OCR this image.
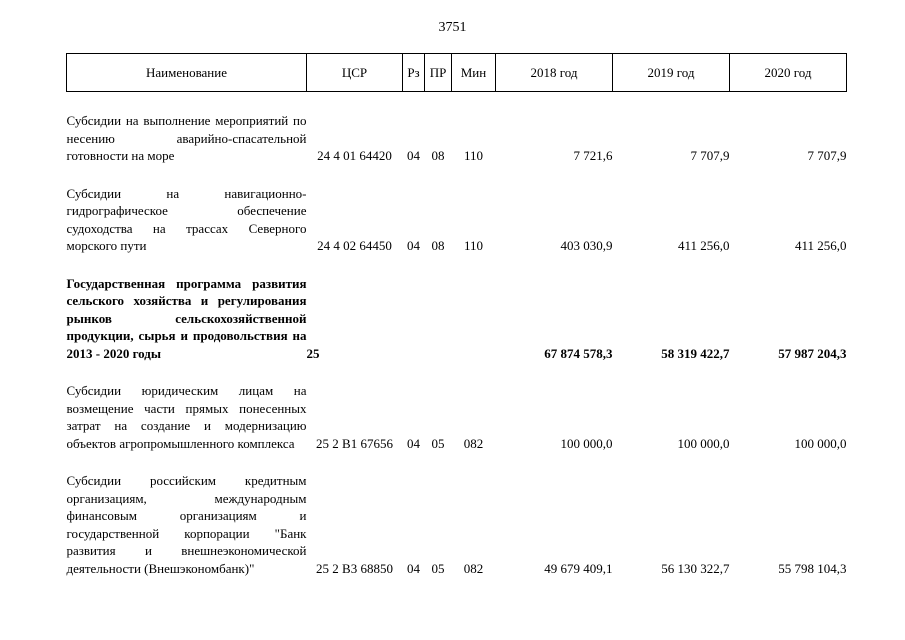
3751
Наименование	ЦСР	Рз	ПР	Мин	2018 год	2019 год	2020 год

Субсидии на выполнение мероприятий по несению аварийно-спасательной готовности на море	24 4 01 64420	04	08	110	7 721,6	7 707,9	7 707,9

Субсидии на навигационно-гидрографическое обеспечение судоходства на трассах Северного морского пути	24 4 02 64450	04	08	110	403 030,9	411 256,0	411 256,0

Государственная программа развития сельского хозяйства и регулирования рынков сельскохозяйственной продукции, сырья и продовольствия на 2013 - 2020 годы	25				67 874 578,3	58 319 422,7	57 987 204,3

Субсидии юридическим лицам на возмещение части прямых понесенных затрат на создание и модернизацию объектов агропромышленного комплекса	25 2 В1 67656	04	05	082	100 000,0	100 000,0	100 000,0

Субсидии российским кредитным организациям, международным финансовым организациям и государственной корпорации "Банк развития и внешнеэкономической деятельности (Внешэкономбанк)"	25 2 В3 68850	04	05	082	49 679 409,1	56 130 322,7	55 798 104,3
